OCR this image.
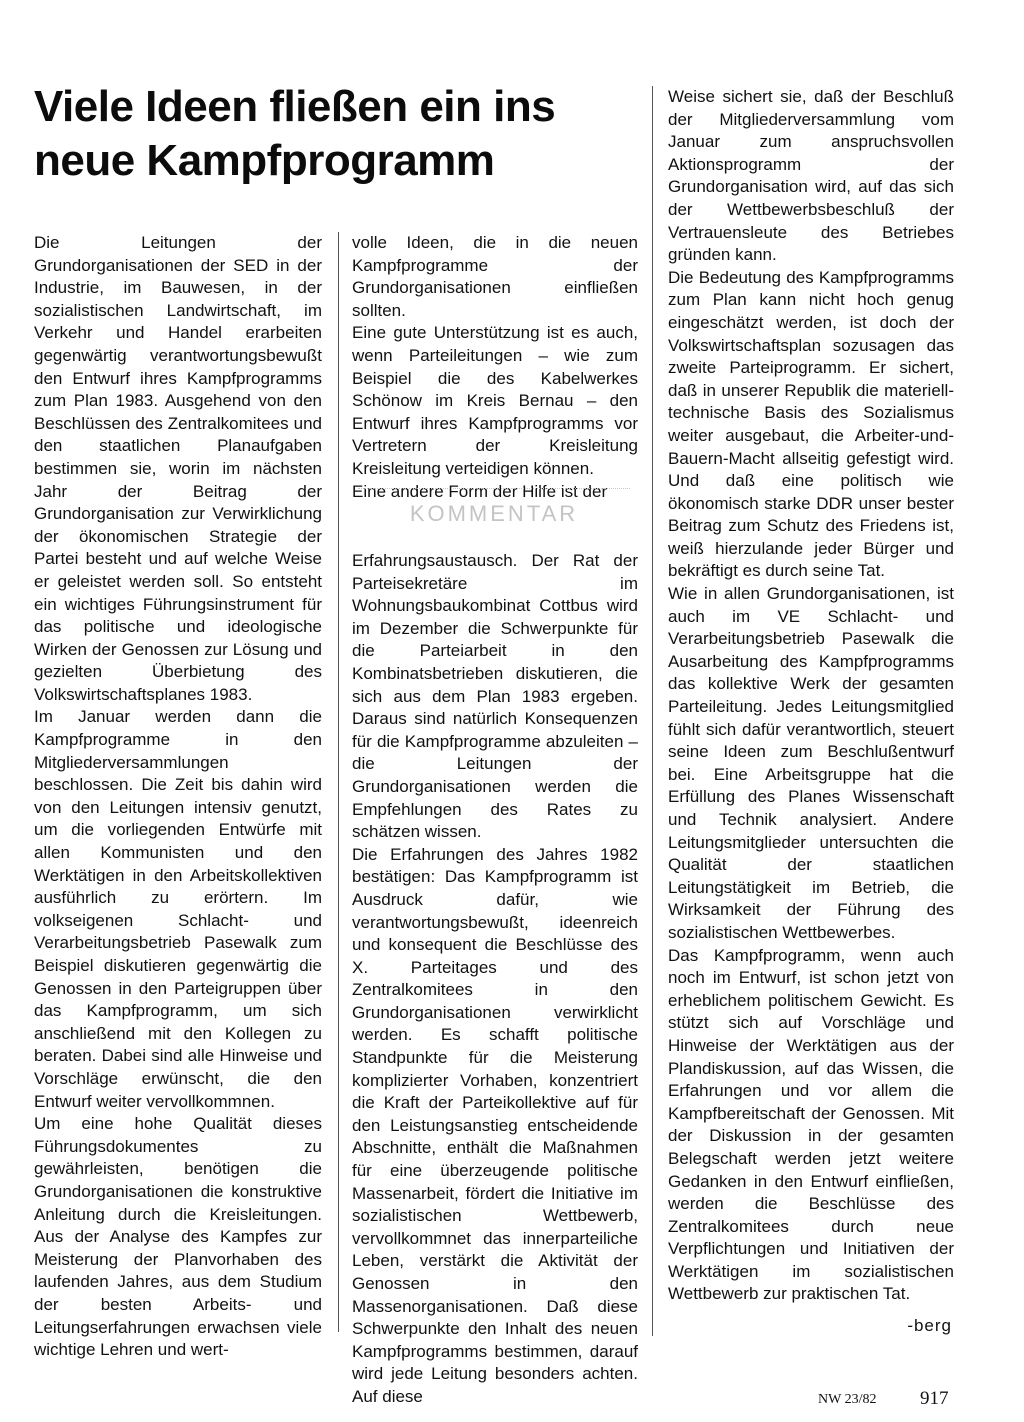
Viele Ideen fließen ein ins neue Kampfprogramm

Die Leitungen der Grundorganisationen der SED in der Industrie, im Bauwesen, in der sozialistischen Landwirtschaft, im Verkehr und Handel erarbeiten gegenwärtig verantwortungsbewußt den Entwurf ihres Kampfprogramms zum Plan 1983. Ausgehend von den Beschlüssen des Zentralkomitees und den staatlichen Planaufgaben bestimmen sie, worin im nächsten Jahr der Beitrag der Grundorganisation zur Verwirklichung der ökonomischen Strategie der Partei besteht und auf welche Weise er geleistet werden soll. So entsteht ein wichtiges Führungsinstrument für das politische und ideologische Wirken der Genossen zur Lösung und gezielten Überbietung des Volkswirtschaftsplanes 1983.

Im Januar werden dann die Kampfprogramme in den Mitgliederversammlungen beschlossen. Die Zeit bis dahin wird von den Leitungen intensiv genutzt, um die vorliegenden Entwürfe mit allen Kommunisten und den Werktätigen in den Arbeitskollektiven ausführlich zu erörtern. Im volkseigenen Schlacht- und Verarbeitungsbetrieb Pasewalk zum Beispiel diskutieren gegenwärtig die Genossen in den Parteigruppen über das Kampfprogramm, um sich anschließend mit den Kollegen zu beraten. Dabei sind alle Hinweise und Vorschläge erwünscht, die den Entwurf weiter vervollkommnen.

Um eine hohe Qualität dieses Führungsdokumentes zu gewährleisten, benötigen die Grundorganisationen die konstruktive Anleitung durch die Kreisleitungen. Aus der Analyse des Kampfes zur Meisterung der Planvorhaben des laufenden Jahres, aus dem Studium der besten Arbeits- und Leitungserfahrungen erwachsen viele wichtige Lehren und wert-

volle Ideen, die in die neuen Kampfprogramme der Grundorganisationen einfließen sollten.

Eine gute Unterstützung ist es auch, wenn Parteileitungen – wie zum Beispiel die des Kabelwerkes Schönow im Kreis Bernau – den Entwurf ihres Kampfprogramms vor Vertretern der Kreisleitung Kreisleitung verteidigen können.

Eine andere Form der Hilfe ist der

KOMMENTAR

Erfahrungsaustausch. Der Rat der Parteisekretäre im Wohnungsbaukombinat Cottbus wird im Dezember die Schwerpunkte für die Parteiarbeit in den Kombinatsbetrieben diskutieren, die sich aus dem Plan 1983 ergeben. Daraus sind natürlich Konsequenzen für die Kampfprogramme abzuleiten – die Leitungen der Grundorganisationen werden die Empfehlungen des Rates zu schätzen wissen.

Die Erfahrungen des Jahres 1982 bestätigen: Das Kampfprogramm ist Ausdruck dafür, wie verantwortungsbewußt, ideenreich und konsequent die Beschlüsse des X. Parteitages und des Zentralkomitees in den Grundorganisationen verwirklicht werden. Es schafft politische Standpunkte für die Meisterung komplizierter Vorhaben, konzentriert die Kraft der Parteikollektive auf für den Leistungsanstieg entscheidende Abschnitte, enthält die Maßnahmen für eine überzeugende politische Massenarbeit, fördert die Initiative im sozialistischen Wettbewerb, vervollkommnet das innerparteiliche Leben, verstärkt die Aktivität der Genossen in den Massenorganisationen. Daß diese Schwerpunkte den Inhalt des neuen Kampfprogramms bestimmen, darauf wird jede Leitung besonders achten. Auf diese

Weise sichert sie, daß der Beschluß der Mitgliederversammlung vom Januar zum anspruchsvollen Aktionsprogramm der Grundorganisation wird, auf das sich der Wettbewerbsbeschluß der Vertrauensleute des Betriebes gründen kann.

Die Bedeutung des Kampfprogramms zum Plan kann nicht hoch genug eingeschätzt werden, ist doch der Volkswirtschaftsplan sozusagen das zweite Parteiprogramm. Er sichert, daß in unserer Republik die materiell-technische Basis des Sozialismus weiter ausgebaut, die Arbeiter-und-Bauern-Macht allseitig gefestigt wird. Und daß eine politisch wie ökonomisch starke DDR unser bester Beitrag zum Schutz des Friedens ist, weiß hierzulande jeder Bürger und bekräftigt es durch seine Tat.

Wie in allen Grundorganisationen, ist auch im VE Schlacht- und Verarbeitungsbetrieb Pasewalk die Ausarbeitung des Kampfprogramms das kollektive Werk der gesamten Parteileitung. Jedes Leitungsmitglied fühlt sich dafür verantwortlich, steuert seine Ideen zum Beschlußentwurf bei. Eine Arbeitsgruppe hat die Erfüllung des Planes Wissenschaft und Technik analysiert. Andere Leitungsmitglieder untersuchten die Qualität der staatlichen Leitungstätigkeit im Betrieb, die Wirksamkeit der Führung des sozialistischen Wettbewerbes.

Das Kampfprogramm, wenn auch noch im Entwurf, ist schon jetzt von erheblichem politischem Gewicht. Es stützt sich auf Vorschläge und Hinweise der Werktätigen aus der Plandiskussion, auf das Wissen, die Erfahrungen und vor allem die Kampfbereitschaft der Genossen. Mit der Diskussion in der gesamten Belegschaft werden jetzt weitere Gedanken in den Entwurf einfließen, werden die Beschlüsse des Zentralkomitees durch neue Verpflichtungen und Initiativen der Werktätigen im sozialistischen Wettbewerb zur praktischen Tat.

-berg
NW 23/82 917
